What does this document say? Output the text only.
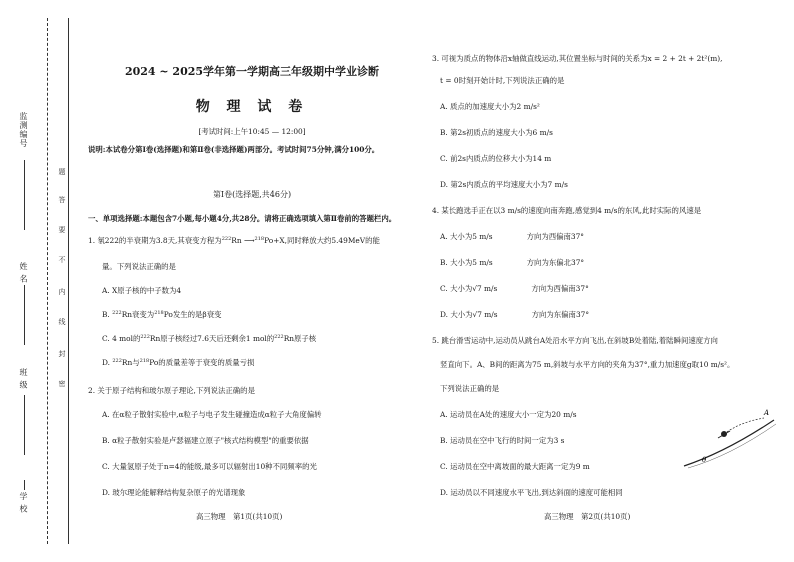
监测编号
姓 名
班 级
学 校
题
答
要
不
内
线
封
密
2024 ~ 2025学年第一学期高三年级期中学业诊断
物 理 试 卷
[考试时间:上午10:45 — 12:00]
说明:本试卷分第Ⅰ卷(选择题)和第Ⅱ卷(非选择题)两部分。考试时间75分钟,满分100分。
第Ⅰ卷(选择题,共46分)
一、单项选择题:本题包含7小题,每小题4分,共28分。请将正确选项填入第Ⅱ卷前的答题栏内。
1. 氡222的半衰期为3.8天,其衰变方程为$^{222}$Rn ⟶$^{218}$Po+X,同时释放大约5.49MeV的能
量。下列说法正确的是
A. X原子核的中子数为4
B. $^{222}$Rn衰变为$^{218}$Po发生的是β衰变
C. 4 mol的$^{222}$Rn原子核经过7.6天后还剩余1 mol的$^{222}$Rn原子核
D. $^{222}$Rn与$^{218}$Po的质量差等于衰变的质量亏损
2. 关于原子结构和玻尔原子理论,下列说法正确的是
A. 在α粒子散射实验中,α粒子与电子发生碰撞造成α粒子大角度偏转
B. α粒子散射实验是卢瑟福建立原子"核式结构模型"的重要依据
C. 大量氢原子处于n=4的能级,最多可以辐射出10种不同频率的光
D. 玻尔理论能解释结构复杂原子的光谱现象
高三物理　第1页(共10页)
3. 可视为质点的物体沿x轴做直线运动,其位置坐标与时间的关系为x = 2 + 2t + 2t²(m),
t = 0时刻开始计时,下列说法正确的是
A. 质点的加速度大小为2 m/s²
B. 第2s初质点的速度大小为6 m/s
C. 前2s内质点的位移大小为14 m
D. 第2s内质点的平均速度大小为7 m/s
4. 某长跑选手正在以3 m/s的速度向南奔跑,感觉到4 m/s的东风,此时实际的风速是
A. 大小为5 m/s	方向为西偏南37°
B. 大小为5 m/s	方向为东偏北37°
C. 大小为√7 m/s	方向为西偏南37°
D. 大小为√7 m/s	方向为东偏南37°
5. 跳台滑雪运动中,运动员从跳台A处沿水平方向飞出,在斜坡B处着陆,着陆瞬间速度方向
竖直向下。A、B间的距离为75 m,斜坡与水平方向的夹角为37°,重力加速度g取10 m/s²。
下列说法正确的是
A. 运动员在A处的速度大小一定为20 m/s
B. 运动员在空中飞行的时间一定为3 s
C. 运动员在空中离坡面的最大距离一定为9 m
D. 运动员以不同速度水平飞出,到达斜面的速度可能相同
A
θ
高三物理　第2页(共10页)
